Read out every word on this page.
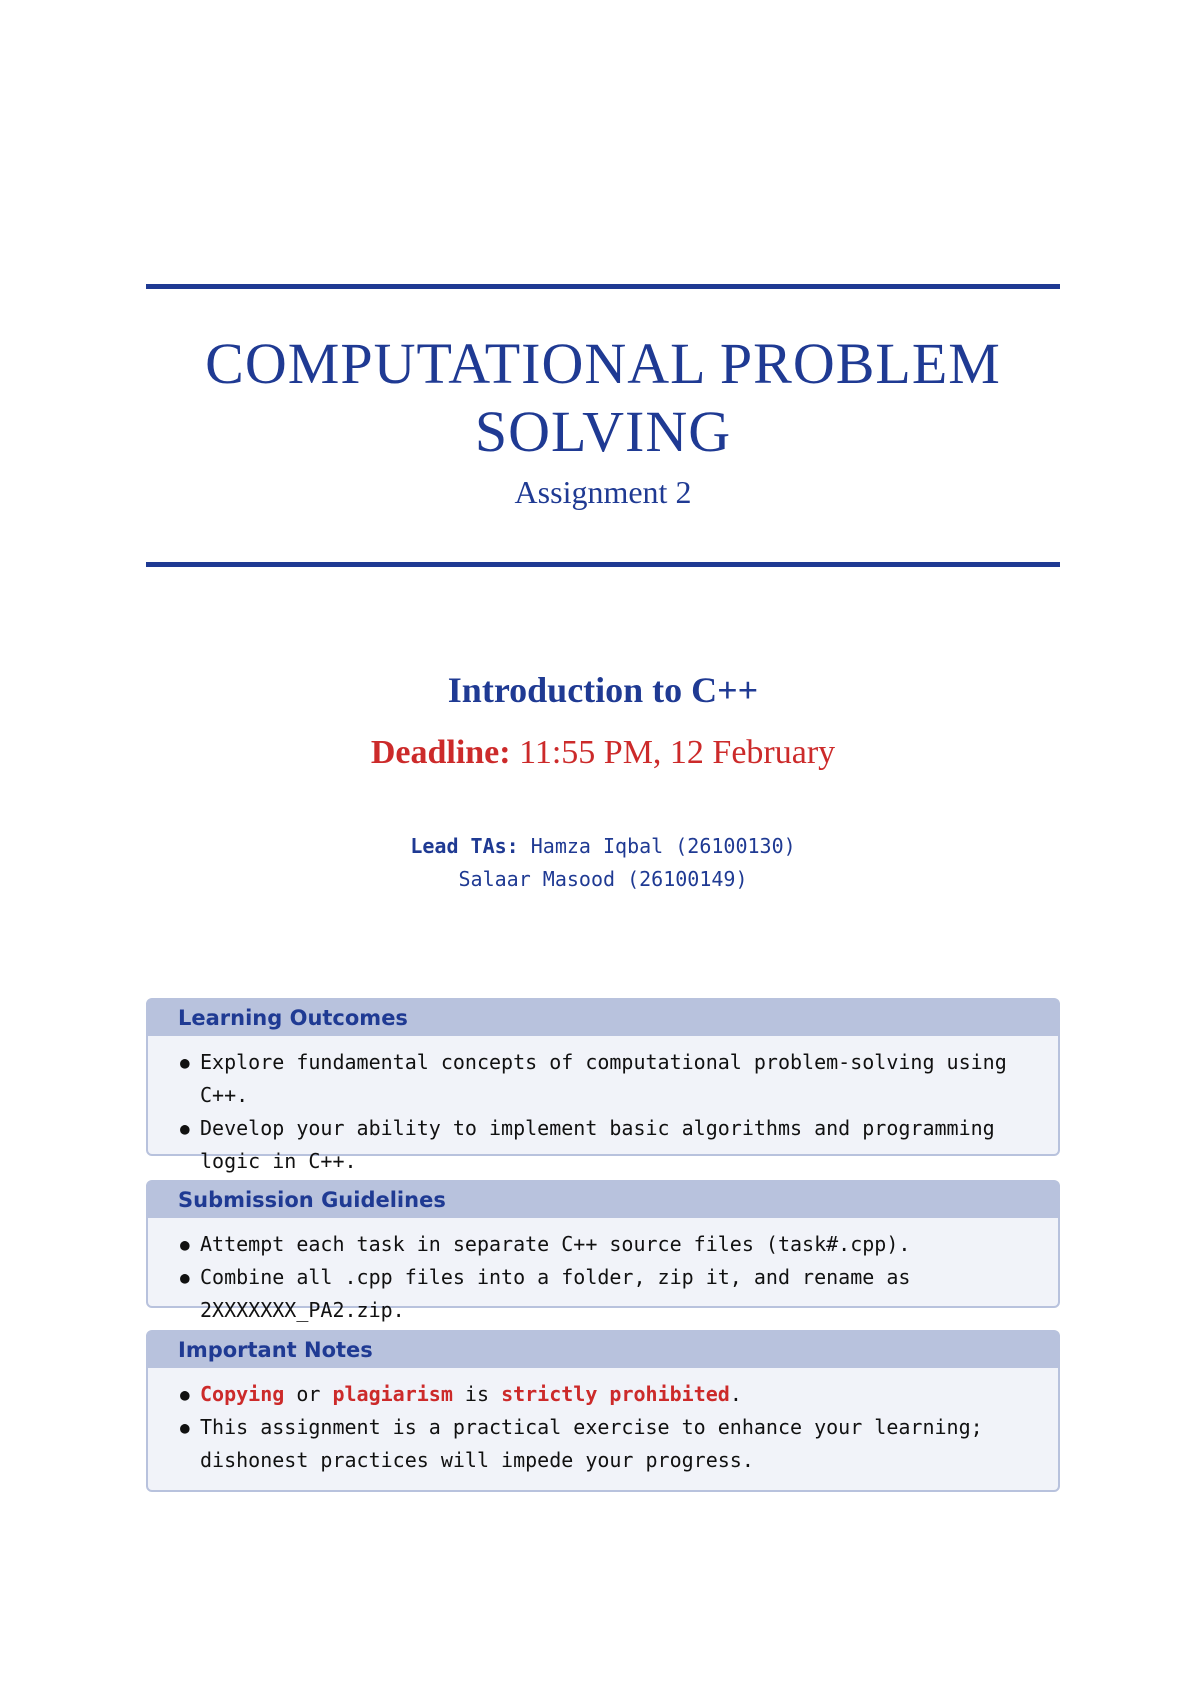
COMPUTATIONAL PROBLEM
SOLVING
Assignment 2
Introduction to C++
Deadline: 11:55 PM, 12 February
Lead TAs: Hamza Iqbal (26100130)
Salaar Masood (26100149)
Learning Outcomes
● Explore fundamental concepts of computational problem-solving using C++.
● Develop your ability to implement basic algorithms and programming logic in C++.
Submission Guidelines
● Attempt each task in separate C++ source files (task#.cpp).
● Combine all .cpp files into a folder, zip it, and rename as 2XXXXXXX_PA2.zip.
Important Notes
● Copying or plagiarism is strictly prohibited.
● This assignment is a practical exercise to enhance your learning; dishonest practices will impede your progress.
